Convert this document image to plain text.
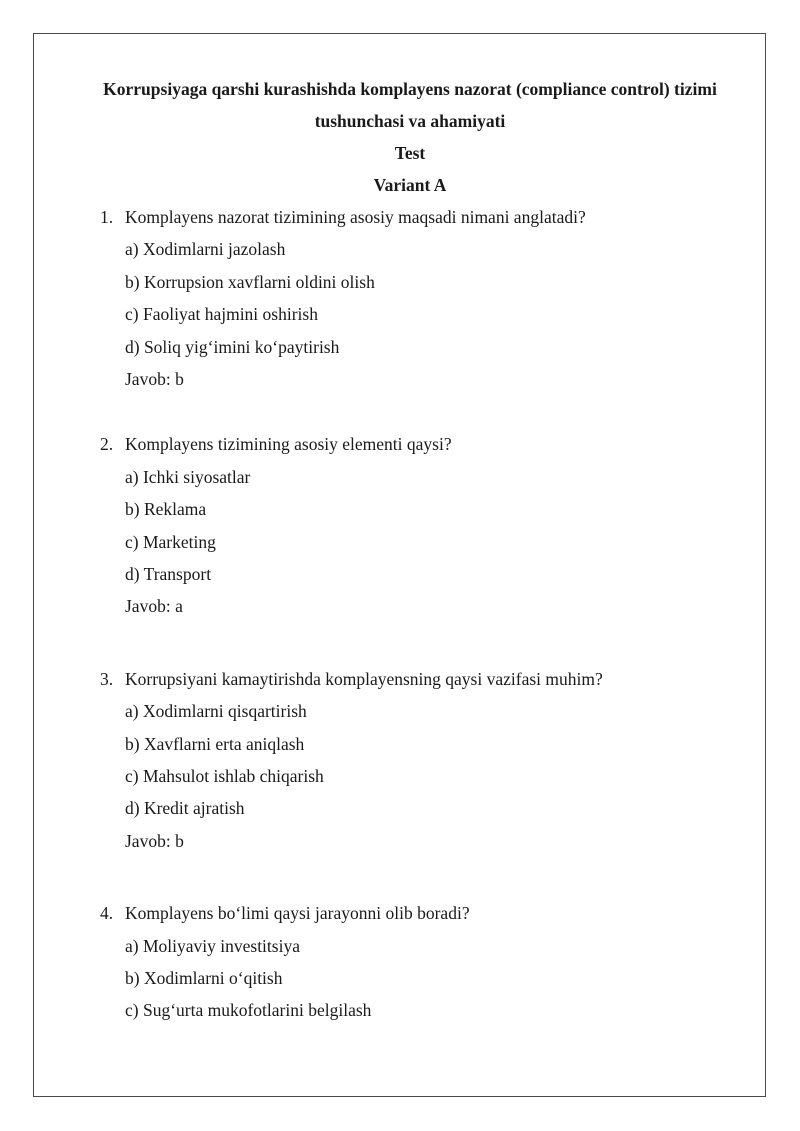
Korrupsiyaga qarshi kurashishda komplayens nazorat (compliance control) tizimi
tushunchasi va ahamiyati
Test
Variant A
1. Komplayens nazorat tizimining asosiy maqsadi nimani anglatadi?
a) Xodimlarni jazolash
b) Korrupsion xavflarni oldini olish
c) Faoliyat hajmini oshirish
d) Soliq yig‘imini ko‘paytirish
Javob: b
2. Komplayens tizimining asosiy elementi qaysi?
a) Ichki siyosatlar
b) Reklama
c) Marketing
d) Transport
Javob: a
3. Korrupsiyani kamaytirishda komplayensning qaysi vazifasi muhim?
a) Xodimlarni qisqartirish
b) Xavflarni erta aniqlash
c) Mahsulot ishlab chiqarish
d) Kredit ajratish
Javob: b
4. Komplayens bo‘limi qaysi jarayonni olib boradi?
a) Moliyaviy investitsiya
b) Xodimlarni o‘qitish
c) Sug‘urta mukofotlarini belgilash
